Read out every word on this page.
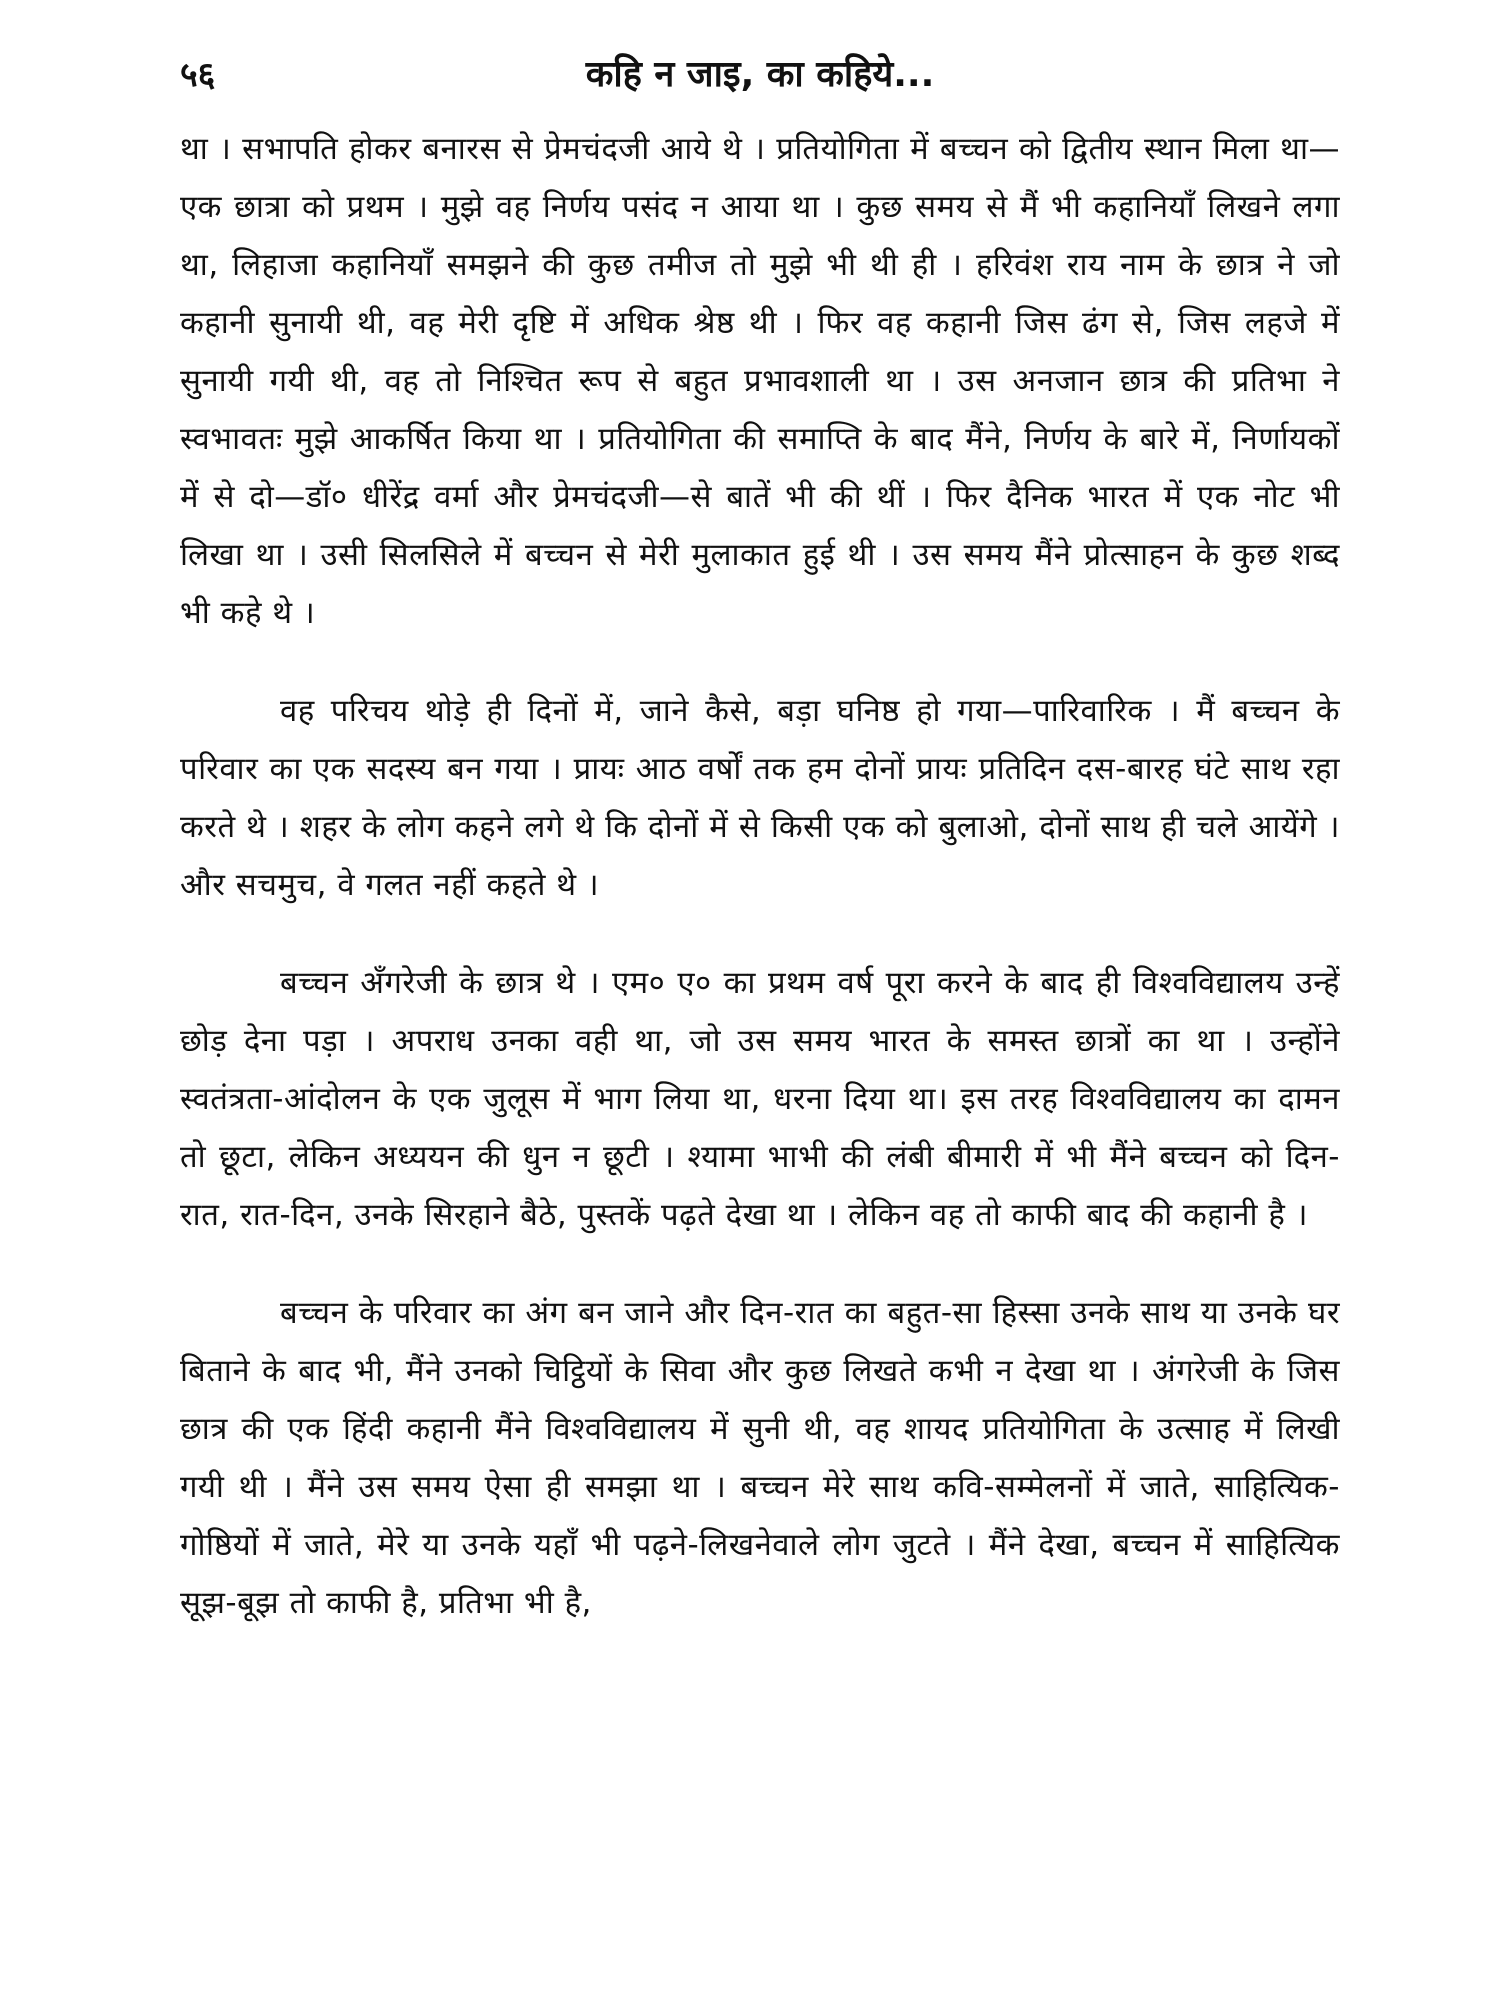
५६	कहि न जाइ, का कहिये...

था । सभापति होकर बनारस से प्रेमचंदजी आये थे । प्रतियोगिता में बच्चन को द्वितीय स्थान मिला था—एक छात्रा को प्रथम । मुझे वह निर्णय पसंद न आया था । कुछ समय से मैं भी कहानियाँ लिखने लगा था, लिहाजा कहानियाँ समझने की कुछ तमीज तो मुझे भी थी ही । हरिवंश राय नाम के छात्र ने जो कहानी सुनायी थी, वह मेरी दृष्टि में अधिक श्रेष्ठ थी । फिर वह कहानी जिस ढंग से, जिस लहजे में सुनायी गयी थी, वह तो निश्चित रूप से बहुत प्रभावशाली था । उस अनजान छात्र की प्रतिभा ने स्वभावतः मुझे आकर्षित किया था । प्रतियोगिता की समाप्ति के बाद मैंने, निर्णय के बारे में, निर्णायकों में से दो—डॉ० धीरेंद्र वर्मा और प्रेमचंदजी—से बातें भी की थीं । फिर दैनिक भारत में एक नोट भी लिखा था । उसी सिलसिले में बच्चन से मेरी मुलाकात हुई थी । उस समय मैंने प्रोत्साहन के कुछ शब्द भी कहे थे ।

वह परिचय थोड़े ही दिनों में, जाने कैसे, बड़ा घनिष्ठ हो गया—पारिवारिक । मैं बच्चन के परिवार का एक सदस्य बन गया । प्रायः आठ वर्षों तक हम दोनों प्रायः प्रतिदिन दस-बारह घंटे साथ रहा करते थे । शहर के लोग कहने लगे थे कि दोनों में से किसी एक को बुलाओ, दोनों साथ ही चले आयेंगे । और सचमुच, वे गलत नहीं कहते थे ।

बच्चन अँगरेजी के छात्र थे । एम० ए० का प्रथम वर्ष पूरा करने के बाद ही विश्वविद्यालय उन्हें छोड़ देना पड़ा । अपराध उनका वही था, जो उस समय भारत के समस्त छात्रों का था । उन्होंने स्वतंत्रता-आंदोलन के एक जुलूस में भाग लिया था, धरना दिया था। इस तरह विश्वविद्यालय का दामन तो छूटा, लेकिन अध्ययन की धुन न छूटी । श्यामा भाभी की लंबी बीमारी में भी मैंने बच्चन को दिन-रात, रात-दिन, उनके सिरहाने बैठे, पुस्तकें पढ़ते देखा था । लेकिन वह तो काफी बाद की कहानी है ।

बच्चन के परिवार का अंग बन जाने और दिन-रात का बहुत-सा हिस्सा उनके साथ या उनके घर बिताने के बाद भी, मैंने उनको चिट्ठियों के सिवा और कुछ लिखते कभी न देखा था । अंगरेजी के जिस छात्र की एक हिंदी कहानी मैंने विश्वविद्यालय में सुनी थी, वह शायद प्रतियोगिता के उत्साह में लिखी गयी थी । मैंने उस समय ऐसा ही समझा था । बच्चन मेरे साथ कवि-सम्मेलनों में जाते, साहित्यिक-गोष्ठियों में जाते, मेरे या उनके यहाँ भी पढ़ने-लिखनेवाले लोग जुटते । मैंने देखा, बच्चन में साहित्यिक सूझ-बूझ तो काफी है, प्रतिभा भी है,
